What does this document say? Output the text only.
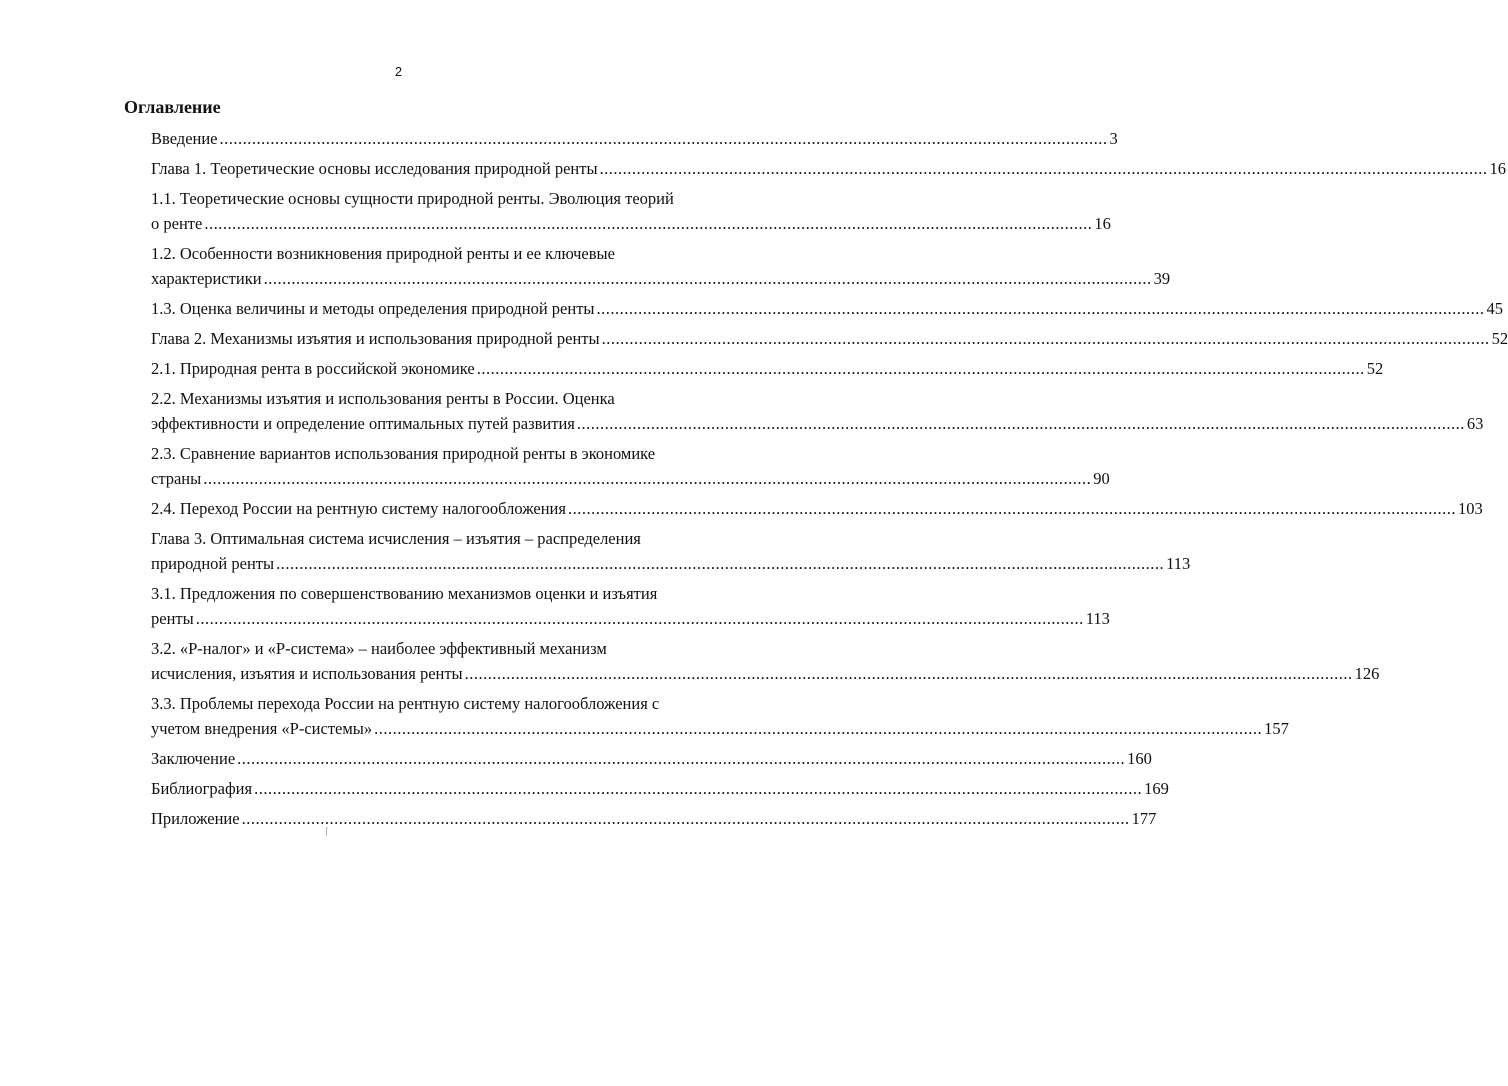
2
Оглавление
Введение .....	3
Глава 1. Теоретические основы исследования природной ренты .....	16
1.1. Теоретические основы сущности природной ренты. Эволюция теорий
о ренте .....	16
1.2. Особенности возникновения природной ренты и ее ключевые
характеристики .....	39
1.3. Оценка величины и методы определения природной ренты .....	45
Глава 2. Механизмы изъятия и использования природной ренты .....	52
2.1. Природная рента в российской экономике .....	52
2.2. Механизмы изъятия и использования ренты в России. Оценка
эффективности и определение оптимальных путей развития .....	63
2.3. Сравнение вариантов использования природной ренты в экономике
страны .....	90
2.4. Переход России на рентную систему налогообложения .....	103
Глава 3. Оптимальная система исчисления – изъятия – распределения
природной ренты .....	113
3.1. Предложения по совершенствованию механизмов оценки и изъятия
ренты .....	113
3.2. «Р-налог» и «Р-система» – наиболее эффективный механизм
исчисления, изъятия и использования ренты .....	126
3.3. Проблемы перехода России на рентную систему налогообложения с
учетом внедрения «Р-системы» .....	157
Заключение .....	160
Библиография .....	169
Приложение .....	177
⁄
